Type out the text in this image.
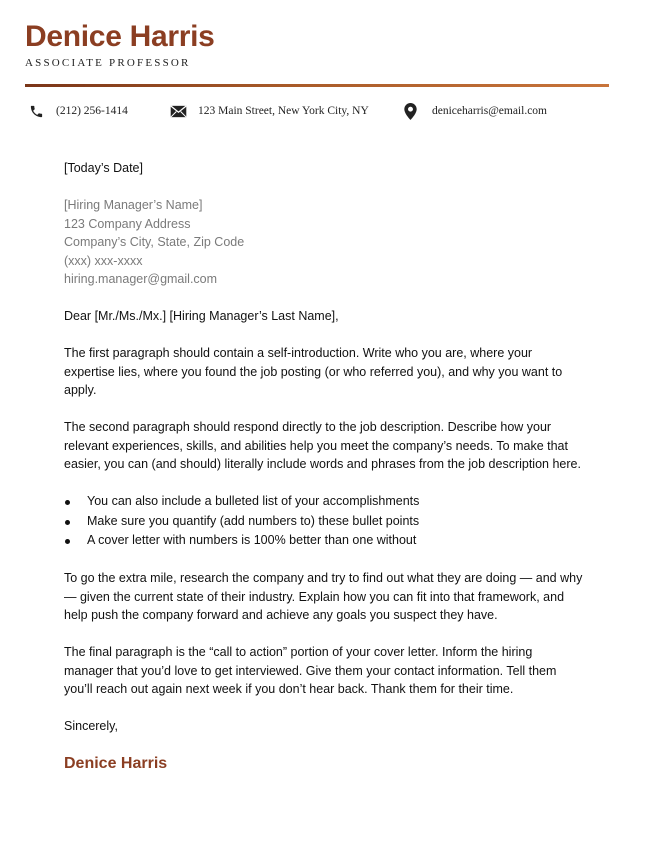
Denice Harris
ASSOCIATE PROFESSOR
(212) 256-1414	123 Main Street, New York City, NY	deniceharris@email.com
[Today’s Date]
[Hiring Manager’s Name]
123 Company Address
Company’s City, State, Zip Code
(xxx) xxx-xxxx
hiring.manager@gmail.com

Dear [Mr./Ms./Mx.] [Hiring Manager’s Last Name],

The first paragraph should contain a self-introduction. Write who you are, where your expertise lies, where you found the job posting (or who referred you), and why you want to apply.

The second paragraph should respond directly to the job description. Describe how your relevant experiences, skills, and abilities help you meet the company’s needs. To make that easier, you can (and should) literally include words and phrases from the job description here.

You can also include a bulleted list of your accomplishments
Make sure you quantify (add numbers to) these bullet points
A cover letter with numbers is 100% better than one without

To go the extra mile, research the company and try to find out what they are doing — and why — given the current state of their industry. Explain how you can fit into that framework, and help push the company forward and achieve any goals you suspect they have.

The final paragraph is the “call to action” portion of your cover letter. Inform the hiring manager that you’d love to get interviewed. Give them your contact information. Tell them you’ll reach out again next week if you don’t hear back. Thank them for their time.

Sincerely,

Denice Harris
